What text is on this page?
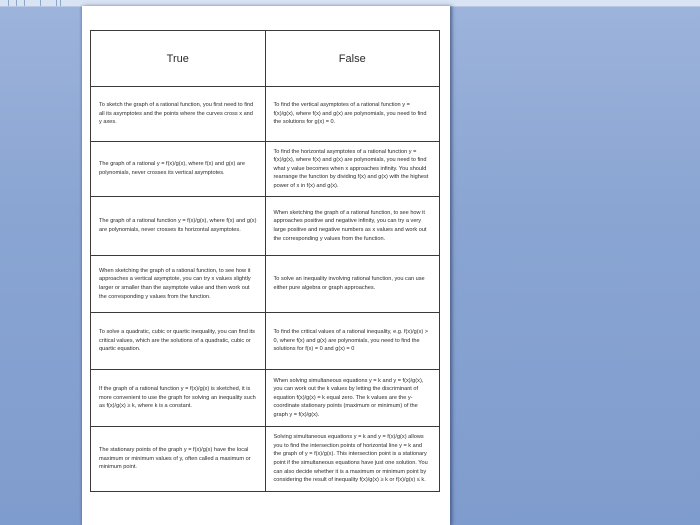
True	False
To sketch the graph of a rational function, you first need to find all its asymptotes and the points where the curves cross x and y axes.	To find the vertical asymptotes of a rational function y = f(x)/g(x), where f(x) and g(x) are polynomials, you need to find the solutions for g(x) = 0.
The graph of a rational y = f(x)/g(x), where f(x) and g(x) are polynomials, never crosses its vertical asymptotes.	To find the horizontal asymptotes of a rational function y = f(x)/g(x), where f(x) and g(x) are polynomials, you need to find what y value becomes when x approaches infinity. You should rearrange the function by dividing f(x) and g(x) with the highest power of x in f(x) and g(x).
The graph of a rational function y = f(x)/g(x), where f(x) and g(x) are polynomials, never crosses its horizontal asymptotes.	When sketching the graph of a rational function, to see how it approaches positive and negative infinity, you can try a very large positive and negative numbers as x values and work out the corresponding y values from the function.
When sketching the graph of a rational function, to see how it approaches a vertical asymptote, you can try x values slightly larger or smaller than the asymptote value and then work out the corresponding y values from the function.	To solve an inequality involving rational function, you can use either pure algebra or graph approaches.
To solve a quadratic, cubic or quartic inequality, you can find its critical values, which are the solutions of a quadratic, cubic or quartic equation.	To find the critical values of a rational inequality, e.g. f(x)/g(x) > 0, where f(x) and g(x) are polynomials, you need to find the solutions for f(x) = 0 and g(x) = 0
If the graph of a rational function y = f(x)/g(x) is sketched, it is more convenient to use the graph for solving an inequality such as f(x)/g(x) ≥ k, where k is a constant.	When solving simultaneous equations y = k and y = f(x)/g(x), you can work out the k values by letting the discriminant of equation f(x)/g(x) = k equal zero. The k values are the y-coordinate stationary points (maximum or minimum) of the graph y = f(x)/g(x).
The stationary points of the graph y = f(x)/g(x) have the local maximum or minimum values of y, often called a maximum or minimum point.	Solving simultaneous equations y = k and y = f(x)/g(x) allows you to find the intersection points of horizontal line y = k and the graph of y = f(x)/g(x). This intersection point is a stationary point if the simultaneous equations have just one solution. You can also decide whether it is a maximum or minimum point by considering the result of inequality f(x)/g(x) ≥ k or f(x)/g(x) ≤ k.
